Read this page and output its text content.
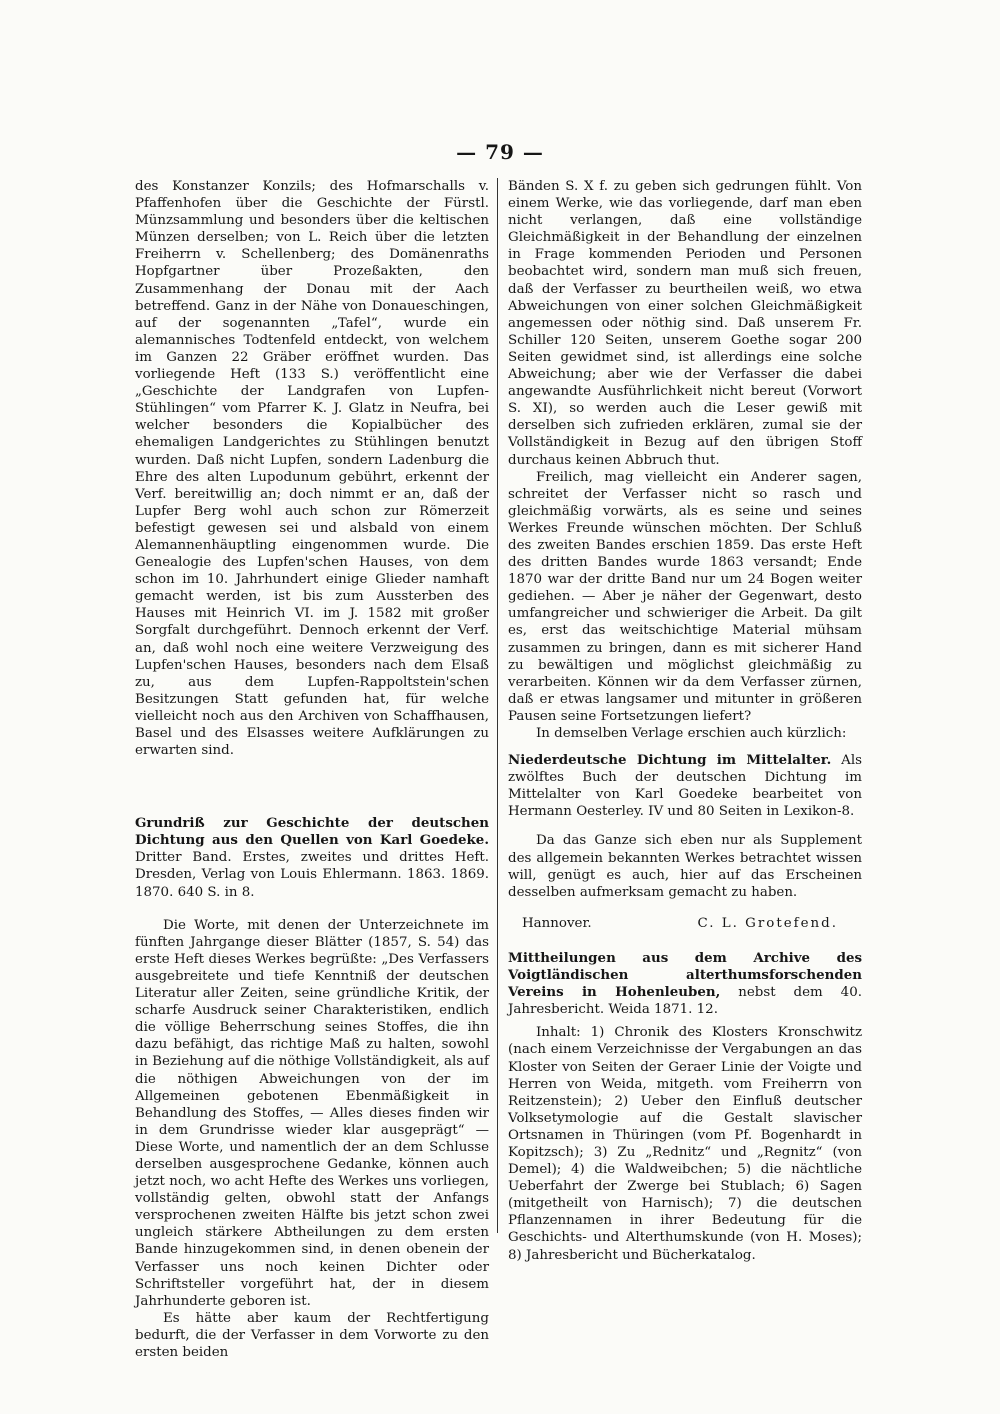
— 79 —

des Konstanzer Konzils; des Hofmarschalls v. Pfaffenhofen über die Geschichte der Fürstl. Münzsammlung und besonders über die keltischen Münzen derselben; von L. Reich über die letzten Freiherrn v. Schellenberg; des Domänenraths Hopfgartner über Prozeßakten, den Zusammenhang der Donau mit der Aach betreffend. Ganz in der Nähe von Donaueschingen, auf der sogenannten „Tafel“, wurde ein alemannisches Todtenfeld entdeckt, von welchem im Ganzen 22 Gräber eröffnet wurden. Das vorliegende Heft (133 S.) veröffentlicht eine „Geschichte der Landgrafen von Lupfen-Stühlingen“ vom Pfarrer K. J. Glatz in Neufra, bei welcher besonders die Kopialbücher des ehemaligen Landgerichtes zu Stühlingen benutzt wurden. Daß nicht Lupfen, sondern Ladenburg die Ehre des alten Lupodunum gebührt, erkennt der Verf. bereitwillig an; doch nimmt er an, daß der Lupfer Berg wohl auch schon zur Römerzeit befestigt gewesen sei und alsbald von einem Alemannenhäuptling eingenommen wurde. Die Genealogie des Lupfen'schen Hauses, von dem schon im 10. Jahrhundert einige Glieder namhaft gemacht werden, ist bis zum Aussterben des Hauses mit Heinrich VI. im J. 1582 mit großer Sorgfalt durchgeführt. Dennoch erkennt der Verf. an, daß wohl noch eine weitere Verzweigung des Lupfen'schen Hauses, besonders nach dem Elsaß zu, aus dem Lupfen-Rappoltstein'schen Besitzungen Statt gefunden hat, für welche vielleicht noch aus den Archiven von Schaffhausen, Basel und des Elsasses weitere Aufklärungen zu erwarten sind.

Grundriß zur Geschichte der deutschen Dichtung aus den Quellen von Karl Goedeke. Dritter Band. Erstes, zweites und drittes Heft. Dresden, Verlag von Louis Ehlermann. 1863. 1869. 1870. 640 S. in 8.

Die Worte, mit denen der Unterzeichnete im fünften Jahrgange dieser Blätter (1857, S. 54) das erste Heft dieses Werkes begrüßte: „Des Verfassers ausgebreitete und tiefe Kenntniß der deutschen Literatur aller Zeiten, seine gründliche Kritik, der scharfe Ausdruck seiner Charakteristiken, endlich die völlige Beherrschung seines Stoffes, die ihn dazu befähigt, das richtige Maß zu halten, sowohl in Beziehung auf die nöthige Vollständigkeit, als auf die nöthigen Abweichungen von der im Allgemeinen gebotenen Ebenmäßigkeit in Behandlung des Stoffes, — Alles dieses finden wir in dem Grundrisse wieder klar ausgeprägt“ — Diese Worte, und namentlich der an dem Schlusse derselben ausgesprochene Gedanke, können auch jetzt noch, wo acht Hefte des Werkes uns vorliegen, vollständig gelten, obwohl statt der Anfangs versprochenen zweiten Hälfte bis jetzt schon zwei ungleich stärkere Abtheilungen zu dem ersten Bande hinzugekommen sind, in denen obenein der Verfasser uns noch keinen Dichter oder Schriftsteller vorgeführt hat, der in diesem Jahrhunderte geboren ist.

Es hätte aber kaum der Rechtfertigung bedurft, die der Verfasser in dem Vorworte zu den ersten beiden

Bänden S. X f. zu geben sich gedrungen fühlt. Von einem Werke, wie das vorliegende, darf man eben nicht verlangen, daß eine vollständige Gleichmäßigkeit in der Behandlung der einzelnen in Frage kommenden Perioden und Personen beobachtet wird, sondern man muß sich freuen, daß der Verfasser zu beurtheilen weiß, wo etwa Abweichungen von einer solchen Gleichmäßigkeit angemessen oder nöthig sind. Daß unserem Fr. Schiller 120 Seiten, unserem Goethe sogar 200 Seiten gewidmet sind, ist allerdings eine solche Abweichung; aber wie der Verfasser die dabei angewandte Ausführlichkeit nicht bereut (Vorwort S. XI), so werden auch die Leser gewiß mit derselben sich zufrieden erklären, zumal sie der Vollständigkeit in Bezug auf den übrigen Stoff durchaus keinen Abbruch thut.

Freilich, mag vielleicht ein Anderer sagen, schreitet der Verfasser nicht so rasch und gleichmäßig vorwärts, als es seine und seines Werkes Freunde wünschen möchten. Der Schluß des zweiten Bandes erschien 1859. Das erste Heft des dritten Bandes wurde 1863 versandt; Ende 1870 war der dritte Band nur um 24 Bogen weiter gediehen. — Aber je näher der Gegenwart, desto umfangreicher und schwieriger die Arbeit. Da gilt es, erst das weitschichtige Material mühsam zusammen zu bringen, dann es mit sicherer Hand zu bewältigen und möglichst gleichmäßig zu verarbeiten. Können wir da dem Verfasser zürnen, daß er etwas langsamer und mitunter in größeren Pausen seine Fortsetzungen liefert?

In demselben Verlage erschien auch kürzlich:

Niederdeutsche Dichtung im Mittelalter. Als zwölftes Buch der deutschen Dichtung im Mittelalter von Karl Goedeke bearbeitet von Hermann Oesterley. IV und 80 Seiten in Lexikon-8.

Da das Ganze sich eben nur als Supplement des allgemein bekannten Werkes betrachtet wissen will, genügt es auch, hier auf das Erscheinen desselben aufmerksam gemacht zu haben.

Hannover.	C. L. Grotefend.

Mittheilungen aus dem Archive des Voigtländischen alterthumsforschenden Vereins in Hohenleuben, nebst dem 40. Jahresbericht. Weida 1871. 12.

Inhalt: 1) Chronik des Klosters Kronschwitz (nach einem Verzeichnisse der Vergabungen an das Kloster von Seiten der Geraer Linie der Voigte und Herren von Weida, mitgeth. vom Freiherrn von Reitzenstein); 2) Ueber den Einfluß deutscher Volksetymologie auf die Gestalt slavischer Ortsnamen in Thüringen (vom Pf. Bogenhardt in Kopitzsch); 3) Zu „Rednitz“ und „Regnitz“ (von Demel); 4) die Waldweibchen; 5) die nächtliche Ueberfahrt der Zwerge bei Stublach; 6) Sagen (mitgetheilt von Harnisch); 7) die deutschen Pflanzennamen in ihrer Bedeutung für die Geschichts- und Alterthumskunde (von H. Moses); 8) Jahresbericht und Bücherkatalog.
